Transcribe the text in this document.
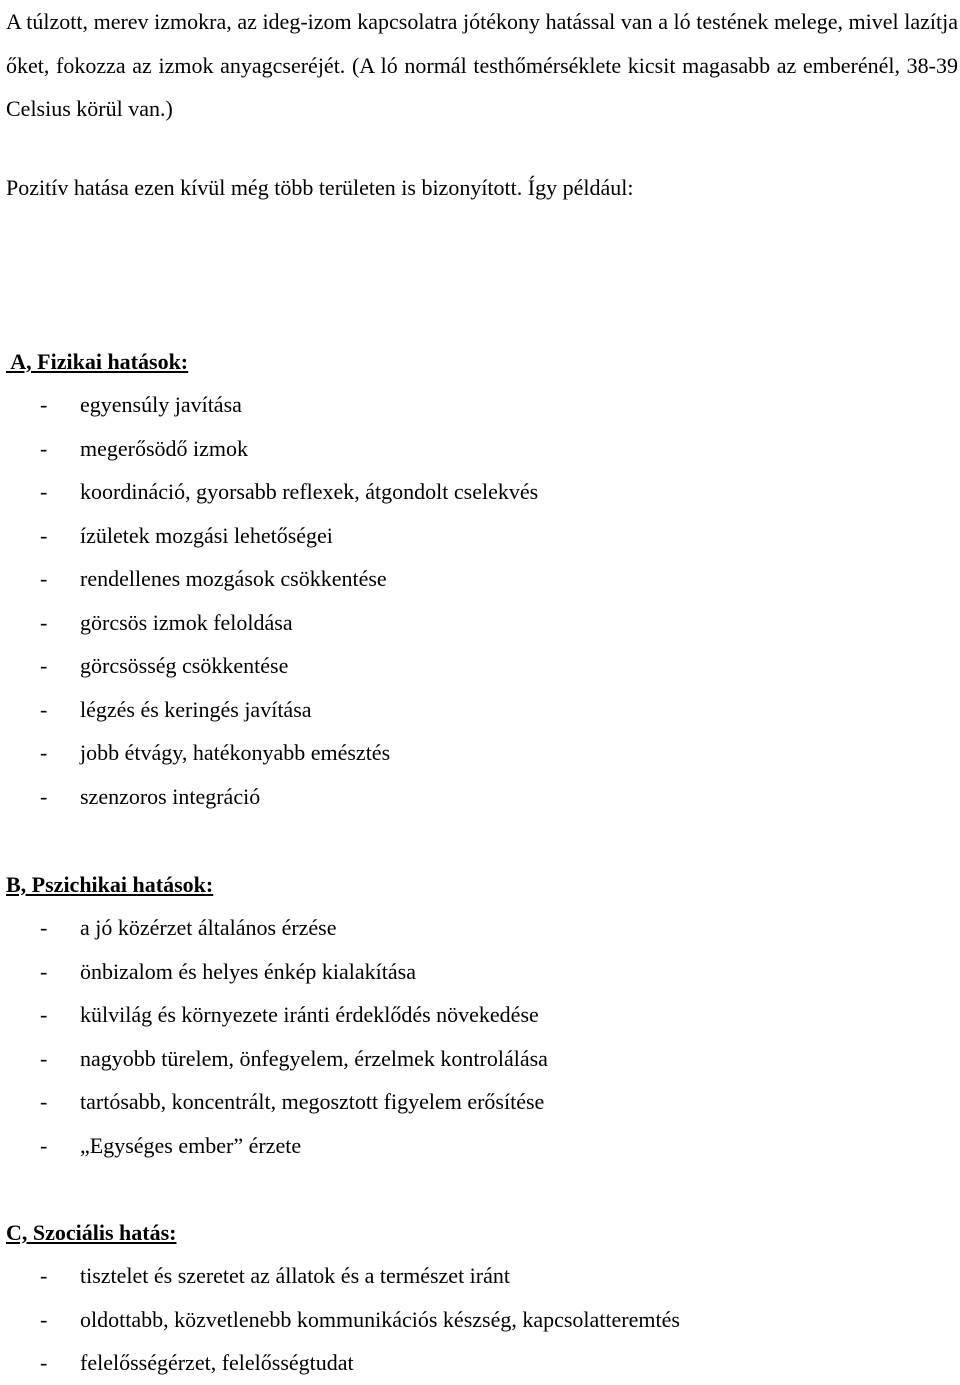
A túlzott, merev izmokra, az ideg-izom kapcsolatra jótékony hatással van a ló testének melege, mivel lazítja őket, fokozza az izmok anyagcseréjét. (A ló normál testhőmérséklete kicsit magasabb az emberénél, 38-39 Celsius körül van.)

Pozitív hatása ezen kívül még több területen is bizonyított. Így például:

A, Fizikai hatások:

- egyensúly javítása
- megerősödő izmok
- koordináció, gyorsabb reflexek, átgondolt cselekvés
- ízületek mozgási lehetőségei
- rendellenes mozgások csökkentése
- görcsös izmok feloldása
- görcsösség csökkentése
- légzés és keringés javítása
- jobb étvágy, hatékonyabb emésztés
- szenzoros integráció

B, Pszichikai hatások:

- a jó közérzet általános érzése
- önbizalom és helyes énkép kialakítása
- külvilág és környezete iránti érdeklődés növekedése
- nagyobb türelem, önfegyelem, érzelmek kontrolálása
- tartósabb, koncentrált, megosztott figyelem erősítése
- „Egységes ember” érzete

C, Szociális hatás:

- tisztelet és szeretet az állatok és a természet iránt
- oldottabb, közvetlenebb kommunikációs készség, kapcsolatteremtés
- felelősségérzet, felelősségtudat
